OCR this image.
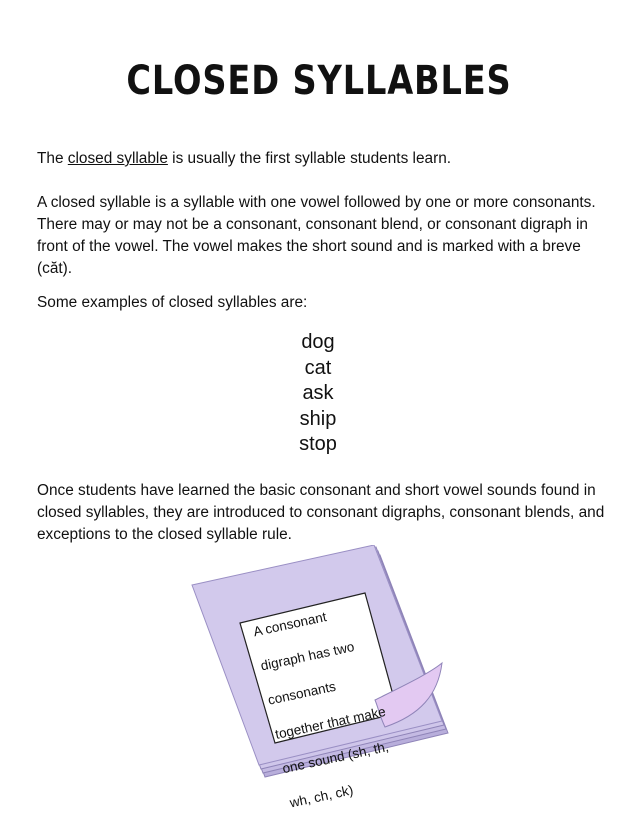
CLOSED SYLLABLES

The closed syllable is usually the first syllable students learn.

A closed syllable is a syllable with one vowel followed by one or more consonants. There may or may not be a consonant, consonant blend, or consonant digraph in front of the vowel. The vowel makes the short sound and is marked with a breve (căt).

Some examples of closed syllables are:

dog
cat
ask
ship
stop

Once students have learned the basic consonant and short vowel sounds found in closed syllables, they are introduced to consonant digraphs, consonant blends, and exceptions to the closed syllable rule.

A consonant

digraph has two

consonants

together that make

one sound (sh, th,

wh, ch, ck)
